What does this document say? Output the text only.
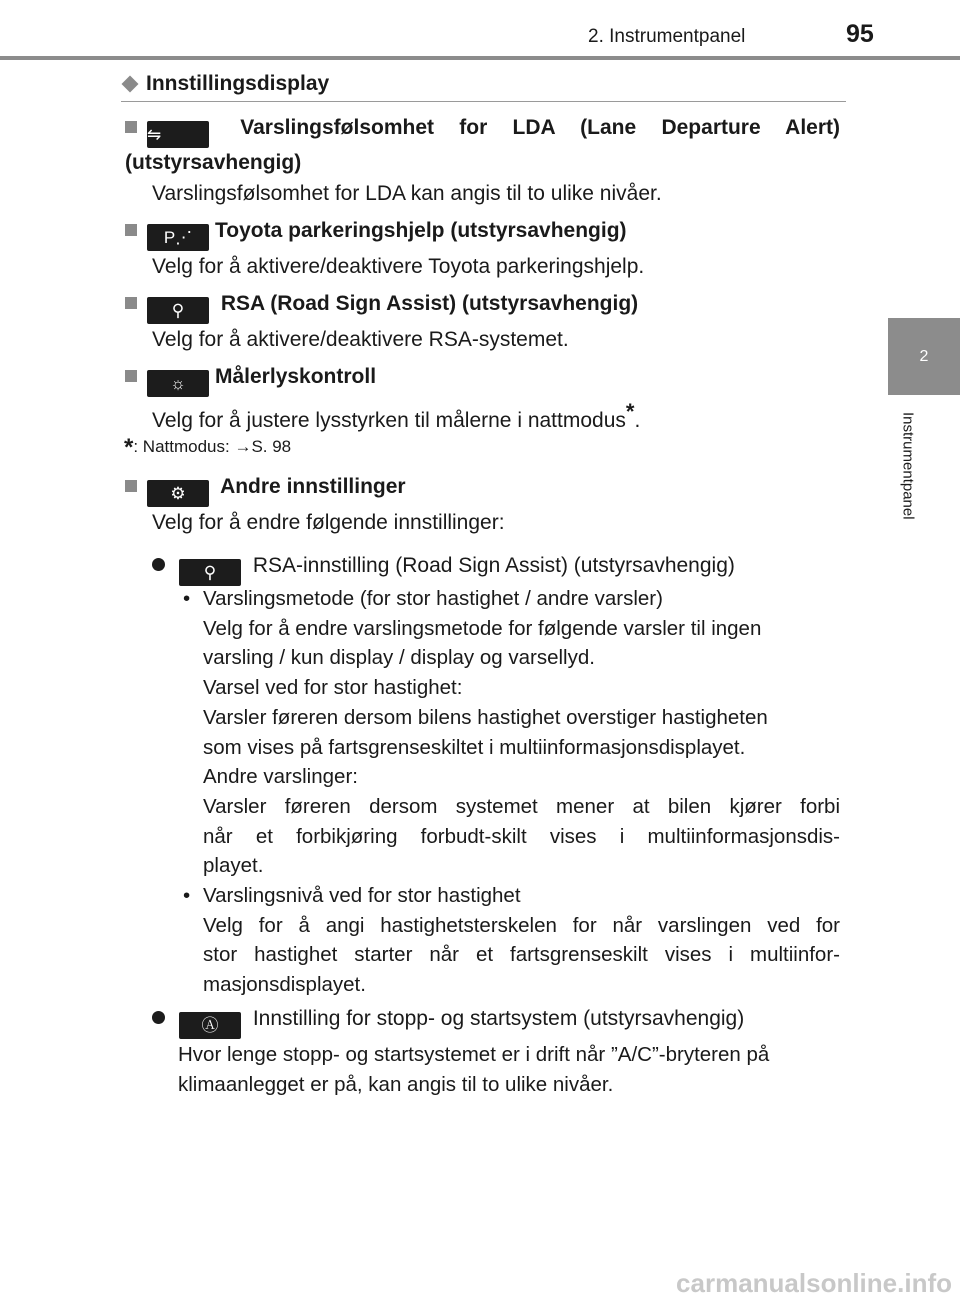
2. Instrumentpanel	95
2
Instrumentpanel
Innstillingsdisplay
⇋	Varslingsfølsomhet for LDA (Lane Departure Alert) (utstyrsavhengig)
Varslingsfølsomhet for LDA kan angis til to ulike nivåer.
P⋰ Toyota parkeringshjelp (utstyrsavhengig)
Velg for å aktivere/deaktivere Toyota parkeringshjelp.
⚲ RSA (Road Sign Assist) (utstyrsavhengig)
Velg for å aktivere/deaktivere RSA-systemet.
☼ Målerlyskontroll
Velg for å justere lysstyrken til målerne i nattmodus*.
*: Nattmodus: →S. 98
⚙ Andre innstillinger
Velg for å endre følgende innstillinger:
⚲ RSA-innstilling (Road Sign Assist) (utstyrsavhengig)
• Varslingsmetode (for stor hastighet / andre varsler)
Velg for å endre varslingsmetode for følgende varsler til ingen
varsling / kun display / display og varsellyd.
Varsel ved for stor hastighet:
Varsler føreren dersom bilens hastighet overstiger hastigheten
som vises på fartsgrenseskiltet i multiinformasjonsdisplayet.
Andre varslinger:
Varsler føreren dersom systemet mener at bilen kjører forbi
når et forbikjøring forbudt-skilt vises i multiinformasjonsdis-
playet.
• Varslingsnivå ved for stor hastighet
Velg for å angi hastighetsterskelen for når varslingen ved for
stor hastighet starter når et fartsgrenseskilt vises i multiinfor-
masjonsdisplayet.
Ⓐ Innstilling for stopp- og startsystem (utstyrsavhengig)
Hvor lenge stopp- og startsystemet er i drift når ”A/C”-bryteren på
klimaanlegget er på, kan angis til to ulike nivåer.
carmanualsonline.info
